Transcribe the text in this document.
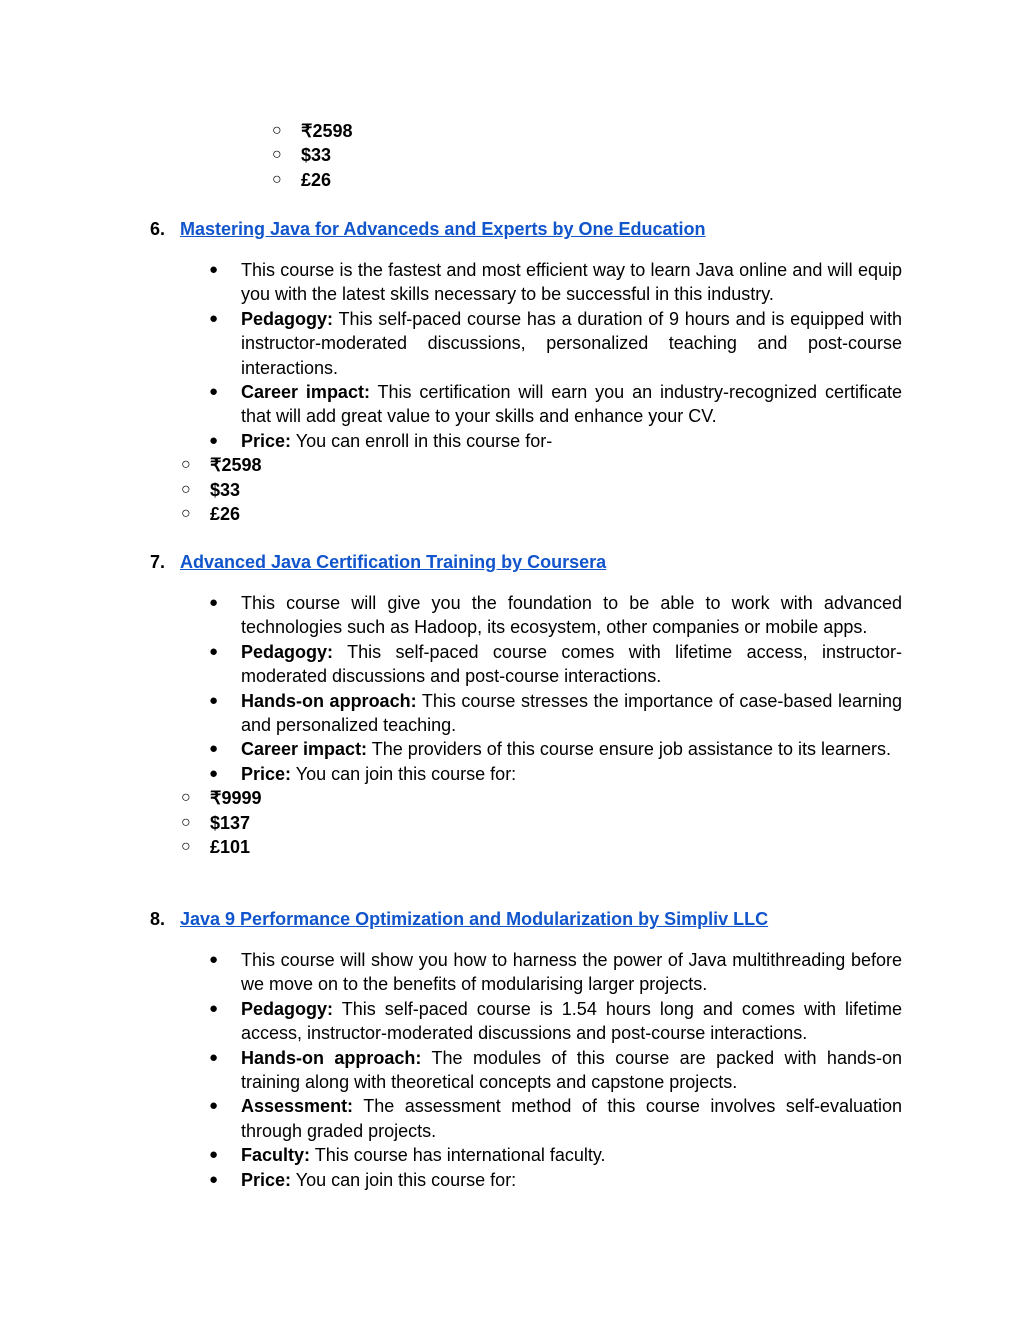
○ ₹2598
○ $33
○ £26
6. Mastering Java for Advanceds and Experts by One Education
● This course is the fastest and most efficient way to learn Java online and will equip you with the latest skills necessary to be successful in this industry.
● Pedagogy: This self-paced course has a duration of 9 hours and is equipped with instructor-moderated discussions, personalized teaching and post-course interactions.
● Career impact: This certification will earn you an industry-recognized certificate that will add great value to your skills and enhance your CV.
● Price: You can enroll in this course for-
○ ₹2598
○ $33
○ £26
7. Advanced Java Certification Training by Coursera
● This course will give you the foundation to be able to work with advanced technologies such as Hadoop, its ecosystem, other companies or mobile apps.
● Pedagogy: This self-paced course comes with lifetime access, instructor-moderated discussions and post-course interactions.
● Hands-on approach: This course stresses the importance of case-based learning and personalized teaching.
● Career impact: The providers of this course ensure job assistance to its learners.
● Price: You can join this course for:
○ ₹9999
○ $137
○ £101
8. Java 9 Performance Optimization and Modularization by Simpliv LLC
● This course will show you how to harness the power of Java multithreading before we move on to the benefits of modularising larger projects.
● Pedagogy: This self-paced course is 1.54 hours long and comes with lifetime access, instructor-moderated discussions and post-course interactions.
● Hands-on approach: The modules of this course are packed with hands-on training along with theoretical concepts and capstone projects.
● Assessment: The assessment method of this course involves self-evaluation through graded projects.
● Faculty: This course has international faculty.
● Price: You can join this course for:
